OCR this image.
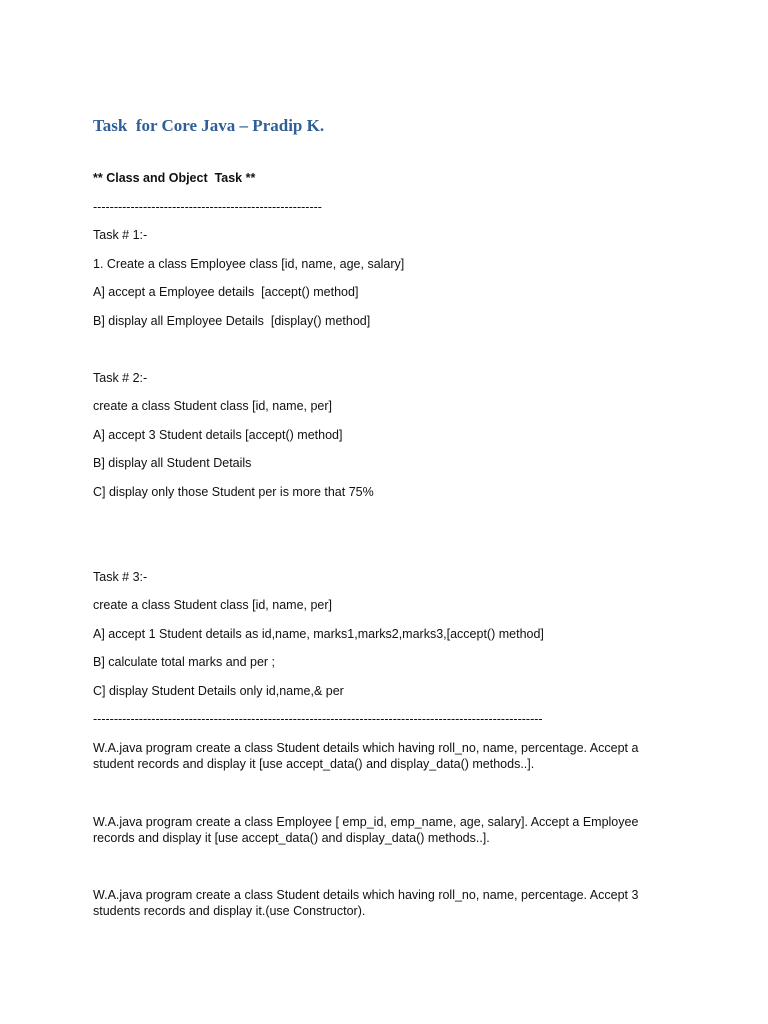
Task  for Core Java – Pradip K.
** Class and Object  Task **
-------------------------------------------------------
Task # 1:-
1. Create a class Employee class [id, name, age, salary]
A] accept a Employee details  [accept() method]
B] display all Employee Details  [display() method]
Task # 2:-
create a class Student class [id, name, per]
A] accept 3 Student details [accept() method]
B] display all Student Details
C] display only those Student per is more that 75%
Task # 3:-
create a class Student class [id, name, per]
A] accept 1 Student details as id,name, marks1,marks2,marks3,[accept() method]
B] calculate total marks and per ;
C] display Student Details only id,name,& per
------------------------------------------------------------------------------------------------------------
W.A.java program create a class Student details which having roll_no, name, percentage. Accept a student records and display it [use accept_data() and display_data() methods..].
W.A.java program create a class Employee [ emp_id, emp_name, age, salary]. Accept a Employee records and display it [use accept_data() and display_data() methods..].
W.A.java program create a class Student details which having roll_no, name, percentage. Accept 3 students records and display it.(use Constructor).
